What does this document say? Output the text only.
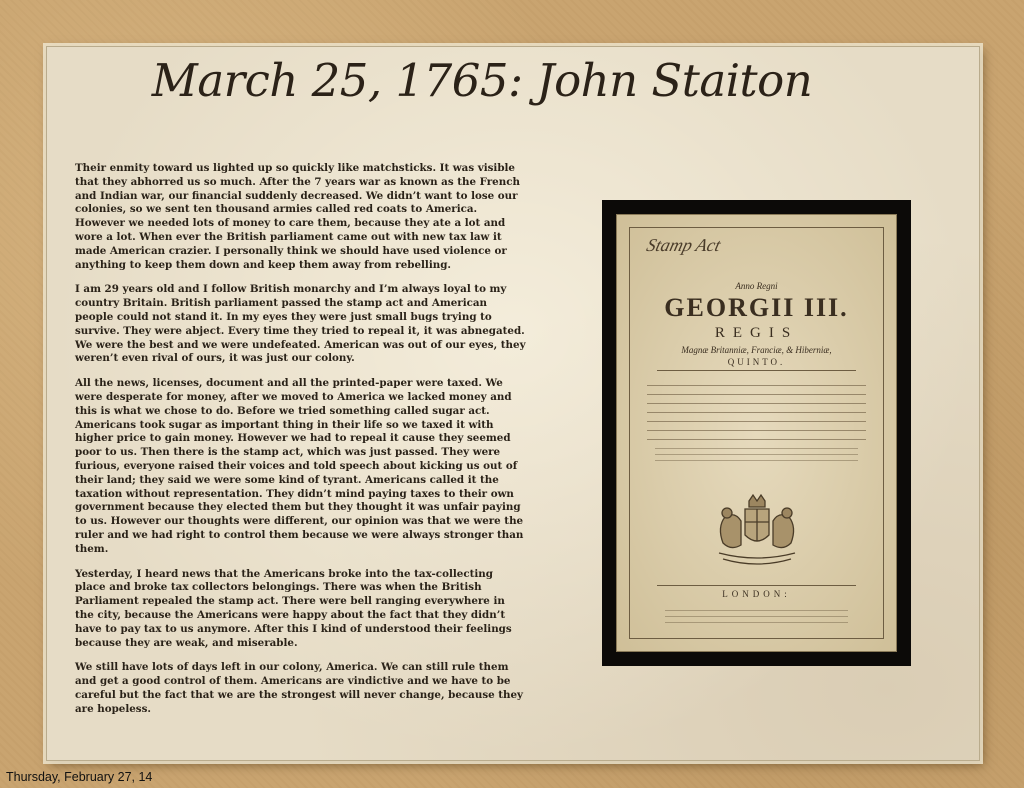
March 25, 1765: John Staiton

Their enmity toward us lighted up so quickly like matchsticks. It was visible that they abhorred us so much. After the 7 years war as known as the French and Indian war, our financial suddenly decreased. We didn’t want to lose our colonies, so we sent ten thousand armies called red coats to America. However we needed lots of money to care them, because they ate a lot and wore a lot. When ever the British parliament came out with new tax law it made American crazier. I personally think we should have used violence or anything to keep them down and keep them away from rebelling.

I am 29 years old and I follow British monarchy and I’m always loyal to my country Britain. British parliament passed the stamp act and American people could not stand it. In my eyes they were just small bugs trying to survive. They were abject. Every time they tried to repeal it, it was abnegated. We were the best and we were undefeated. American was out of our eyes, they weren’t even rival of ours, it was just our colony.

All the news, licenses, document and all the printed-paper were taxed. We were desperate for money, after we moved to America we lacked money and this is what we chose to do. Before we tried something called sugar act. Americans took sugar as important thing in their life so we taxed it with higher price to gain money. However we had to repeal it cause they seemed poor to us. Then there is the stamp act, which was just passed. They were furious, everyone raised their voices and told speech about kicking us out of their land; they said we were some kind of tyrant. Americans called it the taxation without representation. They didn’t mind paying taxes to their own government because they elected them but they thought it was unfair paying to us. However our thoughts were different, our opinion was that we were the ruler and we had right to control them because we were always stronger than them.

Yesterday, I heard news that the Americans broke into the tax-collecting place and broke tax collectors belongings. There was when the British Parliament repealed the stamp act. There were bell ranging everywhere in the city, because the Americans were happy about the fact that they didn’t have to pay tax to us anymore. After this I kind of understood their feelings because they are weak, and miserable.

We still have lots of days left in our colony, America. We can still rule them and get a good control of them. Americans are vindictive and we have to be careful but the fact that we are the strongest will never change, because they are hopeless.

Stamp Act
Anno Regni
GEORGII III.
REGIS
Magnæ Britanniæ, Franciæ, & Hiberniæ,
QUINTO.
LONDON:
Thursday, February 27, 14
